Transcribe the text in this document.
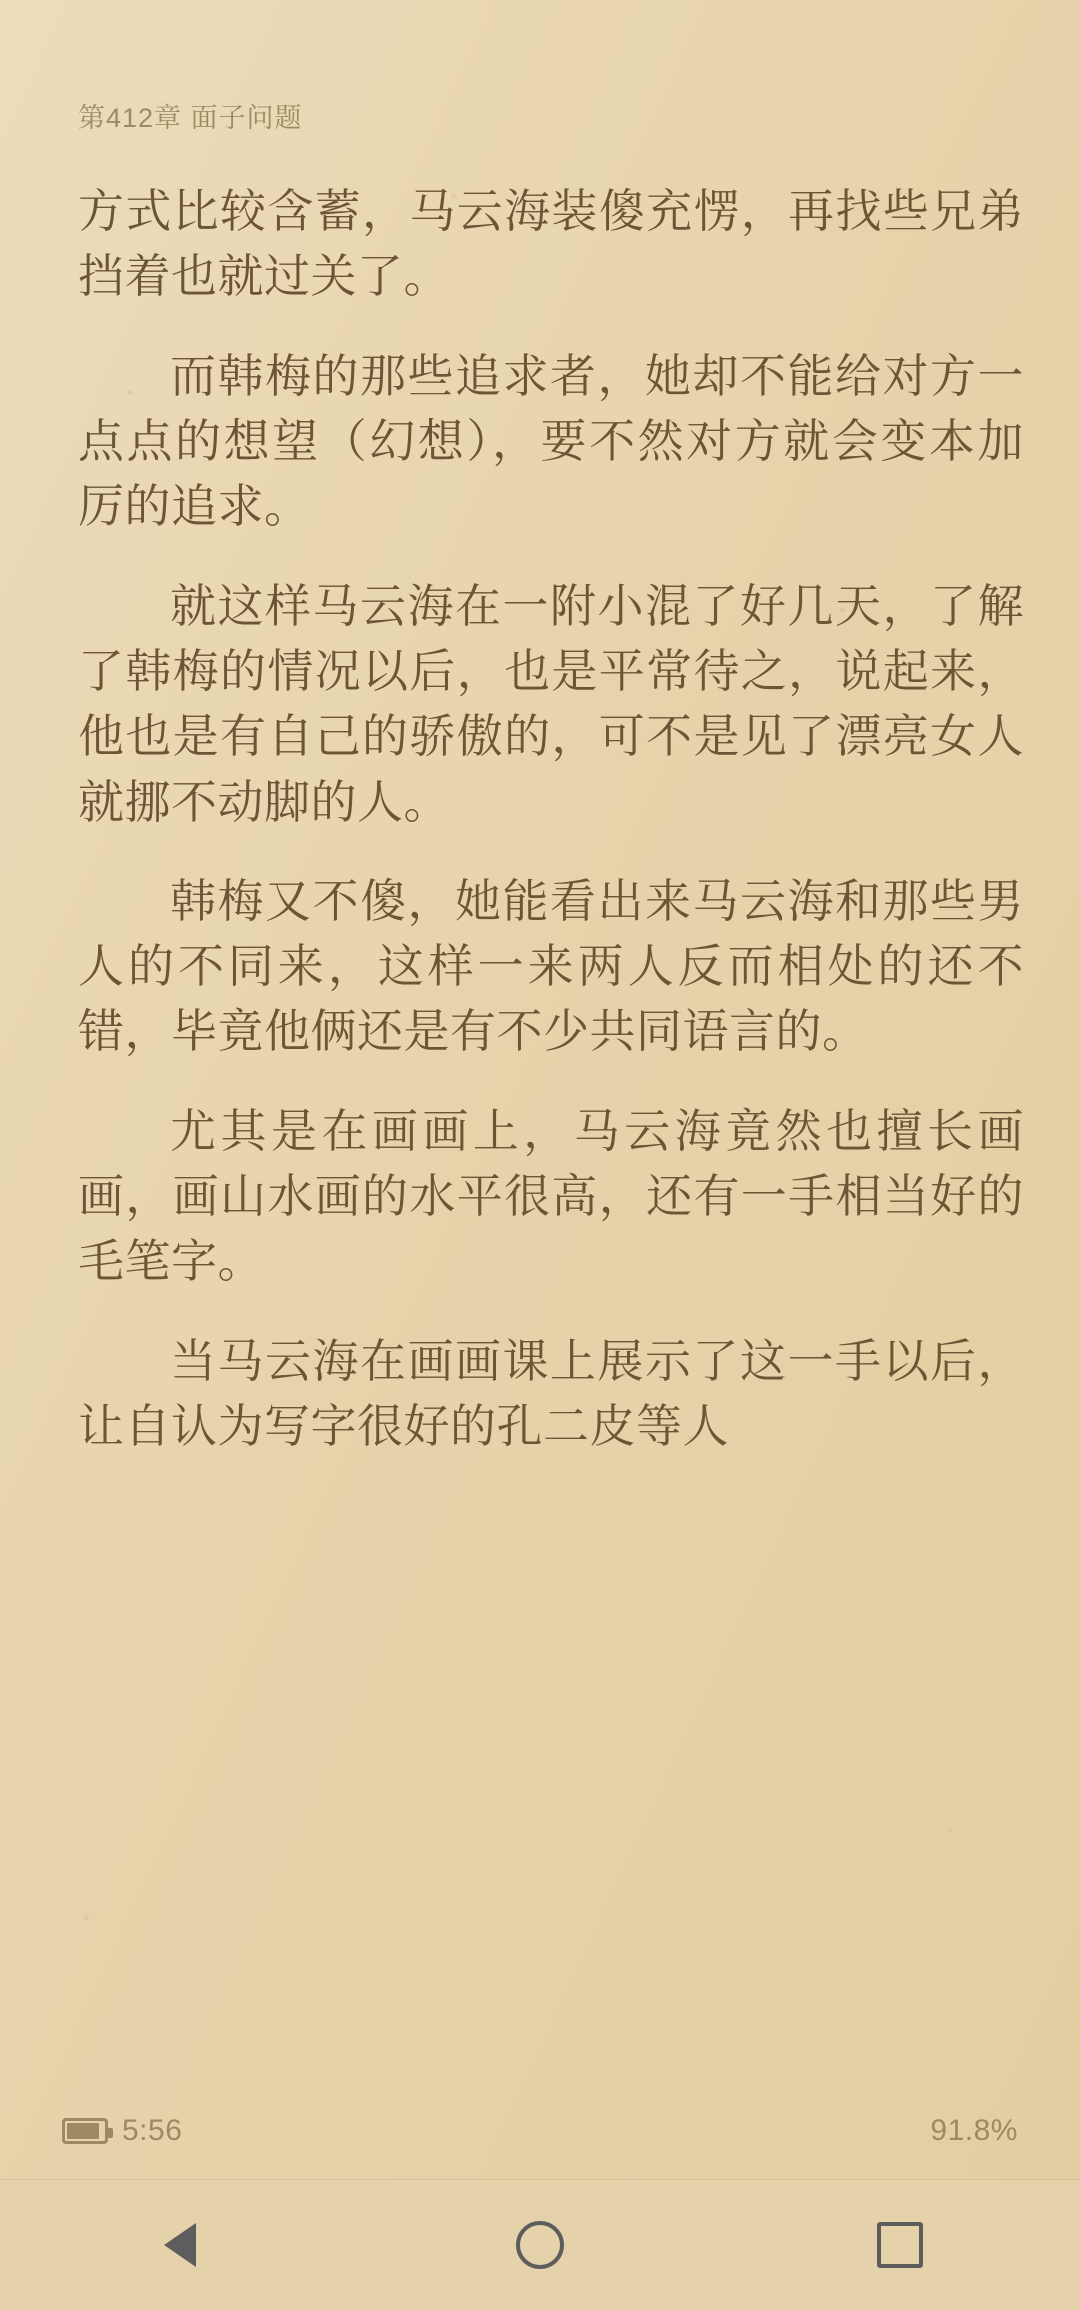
第412章 面子问题

方式比较含蓄，马云海装傻充愣，再找些兄弟挡着也就过关了。

而韩梅的那些追求者，她却不能给对方一点点的想望（幻想），要不然对方就会变本加厉的追求。

就这样马云海在一附小混了好几天，了解了韩梅的情况以后，也是平常待之，说起来，他也是有自己的骄傲的，可不是见了漂亮女人就挪不动脚的人。

韩梅又不傻，她能看出来马云海和那些男人的不同来，这样一来两人反而相处的还不错，毕竟他俩还是有不少共同语言的。

尤其是在画画上，马云海竟然也擅长画画，画山水画的水平很高，还有一手相当好的毛笔字。

当马云海在画画课上展示了这一手以后，让自认为写字很好的孔二皮等人

5:56	91.8%
